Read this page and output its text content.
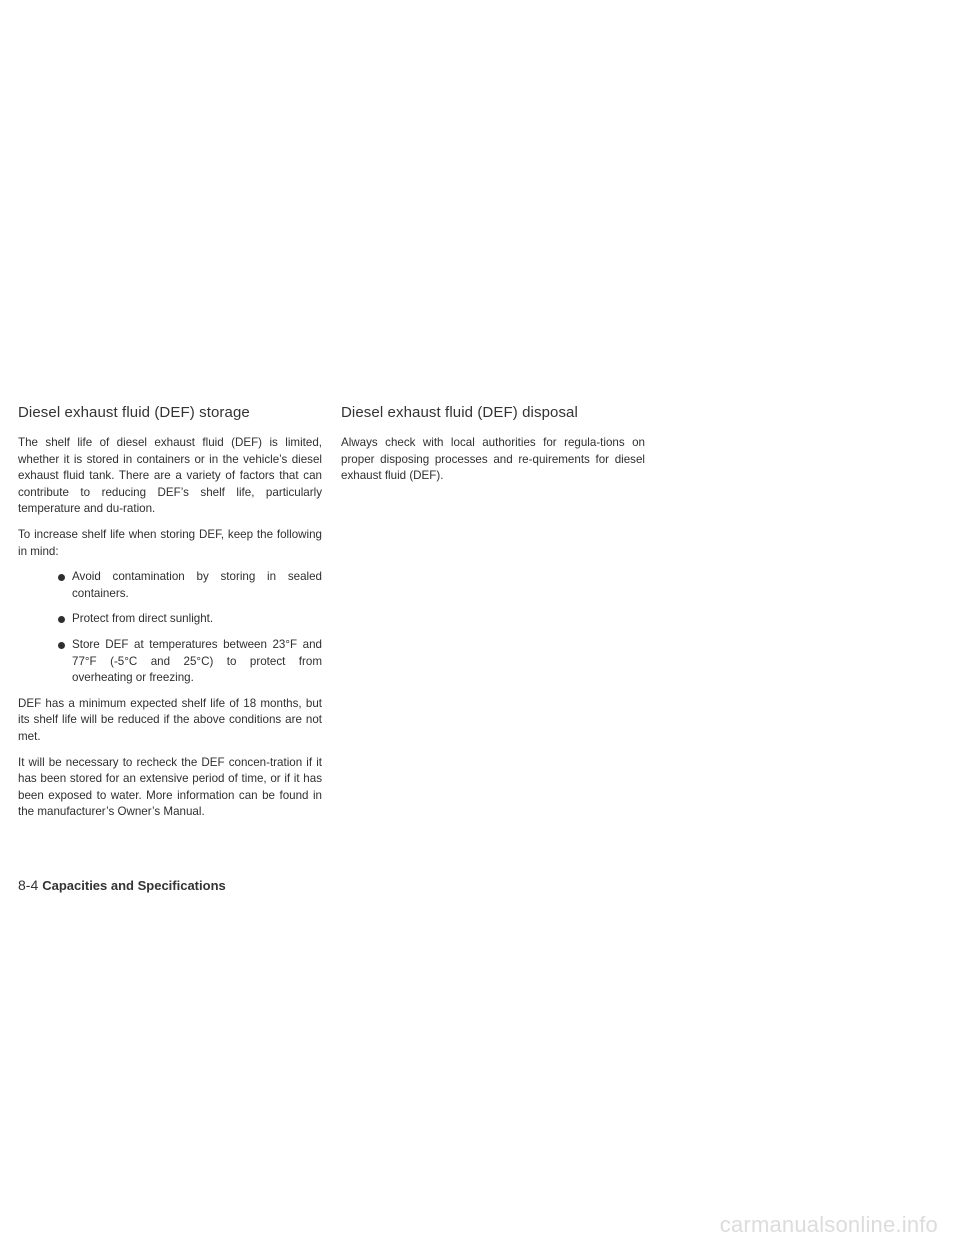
Diesel exhaust fluid (DEF) storage

The shelf life of diesel exhaust fluid (DEF) is limited, whether it is stored in containers or in the vehicle’s diesel exhaust fluid tank. There are a variety of factors that can contribute to reducing DEF’s shelf life, particularly temperature and du-ration.

To increase shelf life when storing DEF, keep the following in mind:

Avoid contamination by storing in sealed containers.
Protect from direct sunlight.
Store DEF at temperatures between 23°F and 77°F (-5°C and 25°C) to protect from overheating or freezing.

DEF has a minimum expected shelf life of 18 months, but its shelf life will be reduced if the above conditions are not met.

It will be necessary to recheck the DEF concen-tration if it has been stored for an extensive period of time, or if it has been exposed to water. More information can be found in the manufacturer’s Owner’s Manual.

Diesel exhaust fluid (DEF) disposal

Always check with local authorities for regula-tions on proper disposing processes and re-quirements for diesel exhaust fluid (DEF).

8-4 Capacities and Specifications
carmanualsonline.info
